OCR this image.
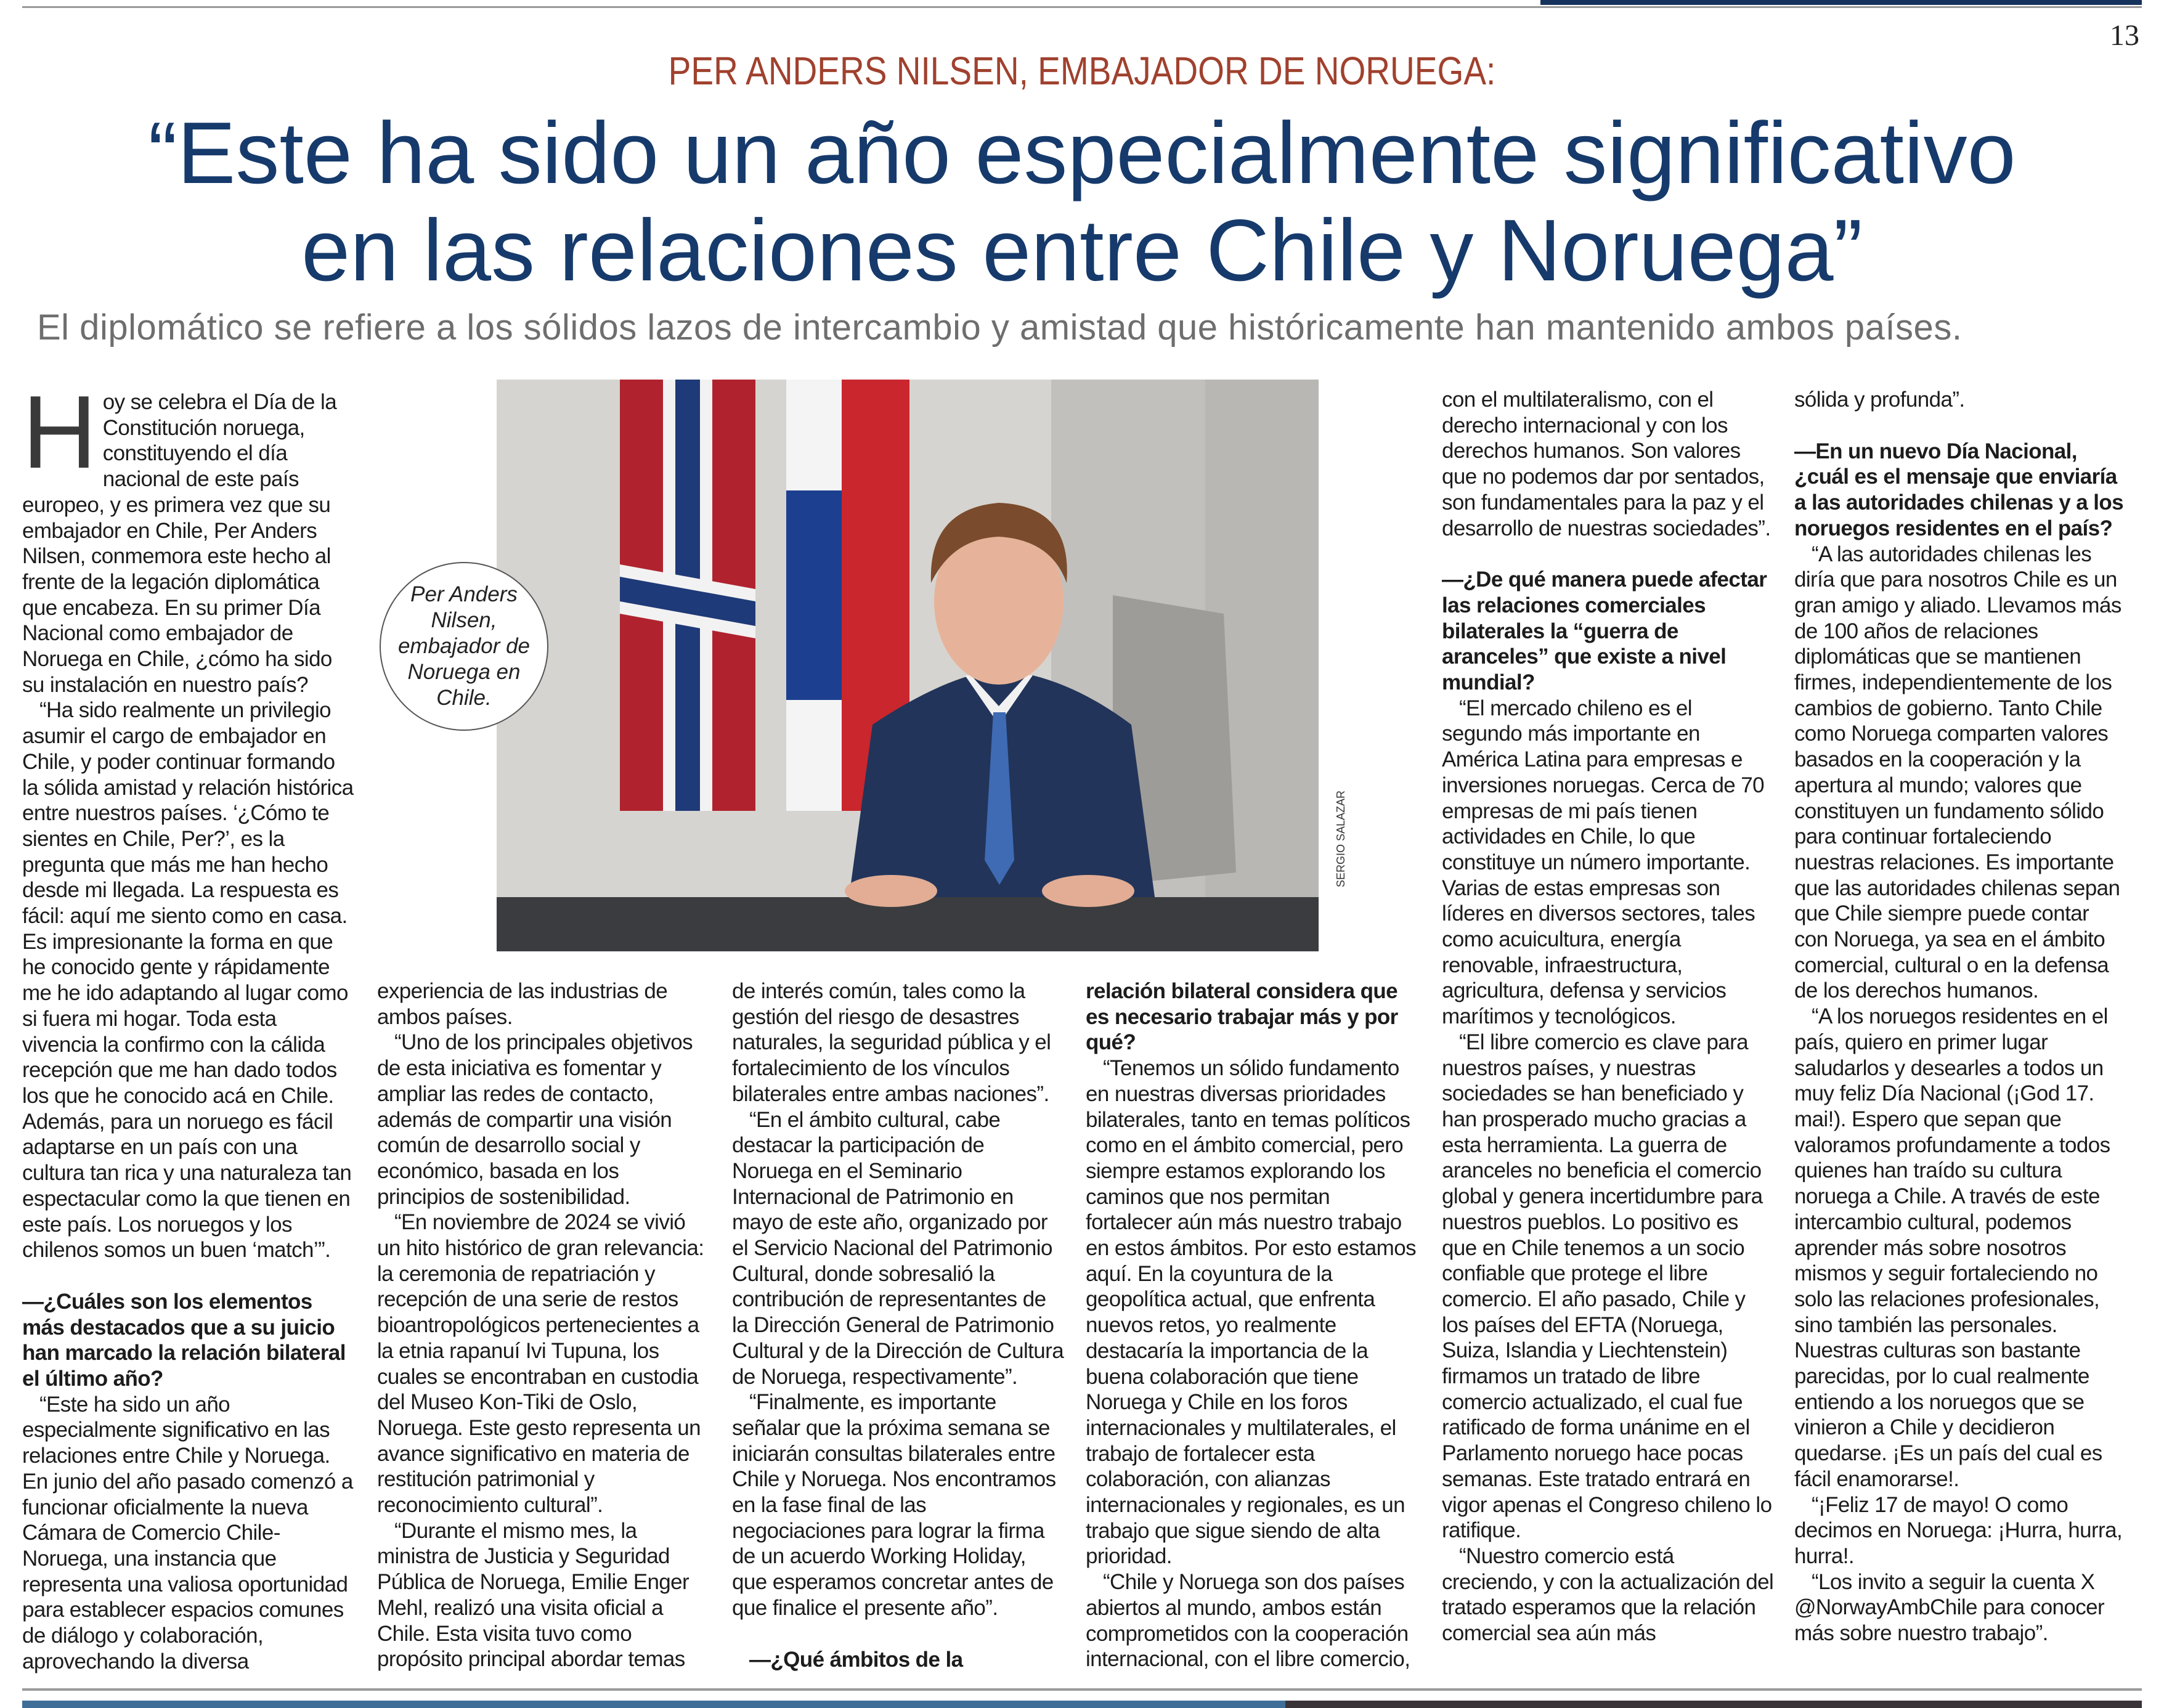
13
PER ANDERS NILSEN, EMBAJADOR DE NORUEGA:
“Este ha sido un año especialmente significativo
en las relaciones entre Chile y Noruega”
El diplomático se refiere a los sólidos lazos de intercambio y amistad que históricamente han mantenido ambos países.
SERGIO SALAZAR
Per Anders Nilsen, embajador de Noruega en Chile.
H oy se celebra el Día de la Constitución noruega, constituyendo el día nacional de este país europeo, y es primera vez que su embajador en Chile, Per Anders Nilsen, conmemora este hecho al frente de la legación diplomática que encabeza. En su primer Día Nacional como embajador de Noruega en Chile, ¿cómo ha sido su instalación en nuestro país?

“Ha sido realmente un privilegio asumir el cargo de embajador en Chile, y poder continuar formando la sólida amistad y relación histórica entre nuestros países. ‘¿Cómo te sientes en Chile, Per?’, es la pregunta que más me han hecho desde mi llegada. La respuesta es fácil: aquí me siento como en casa. Es impresionante la forma en que he conocido gente y rápidamente me he ido adaptando al lugar como si fuera mi hogar. Toda esta vivencia la confirmo con la cálida recepción que me han dado todos los que he conocido acá en Chile. Además, para un noruego es fácil adaptarse en un país con una cultura tan rica y una naturaleza tan espectacular como la que tienen en este país. Los noruegos y los chilenos somos un buen ‘match’”.

—¿Cuáles son los elementos más destacados que a su juicio han marcado la relación bilateral el último año?

“Este ha sido un año especialmente significativo en las relaciones entre Chile y Noruega. En junio del año pasado comenzó a funcionar oficialmente la nueva Cámara de Comercio Chile-Noruega, una instancia que representa una valiosa oportunidad para establecer espacios comunes de diálogo y colaboración, aprovechando la diversa

experiencia de las industrias de ambos países.

“Uno de los principales objetivos de esta iniciativa es fomentar y ampliar las redes de contacto, además de compartir una visión común de desarrollo social y económico, basada en los principios de sostenibilidad.

“En noviembre de 2024 se vivió un hito histórico de gran relevancia: la ceremonia de repatriación y recepción de una serie de restos bioantropológicos pertenecientes a la etnia rapanuí Ivi Tupuna, los cuales se encontraban en custodia del Museo Kon-Tiki de Oslo, Noruega. Este gesto representa un avance significativo en materia de restitución patrimonial y reconocimiento cultural”.

“Durante el mismo mes, la ministra de Justicia y Seguridad Pública de Noruega, Emilie Enger Mehl, realizó una visita oficial a Chile. Esta visita tuvo como propósito principal abordar temas

de interés común, tales como la gestión del riesgo de desastres naturales, la seguridad pública y el fortalecimiento de los vínculos bilaterales entre ambas naciones”.

“En el ámbito cultural, cabe destacar la participación de Noruega en el Seminario Internacional de Patrimonio en mayo de este año, organizado por el Servicio Nacional del Patrimonio Cultural, donde sobresalió la contribución de representantes de la Dirección General de Patrimonio Cultural y de la Dirección de Cultura de Noruega, respectivamente”.

“Finalmente, es importante señalar que la próxima semana se iniciarán consultas bilaterales entre Chile y Noruega. Nos encontramos en la fase final de las negociaciones para lograr la firma de un acuerdo Working Holiday, que esperamos concretar antes de que finalice el presente año”.

—¿Qué ámbitos de la

relación bilateral considera que es necesario trabajar más y por qué?

“Tenemos un sólido fundamento en nuestras diversas prioridades bilaterales, tanto en temas políticos como en el ámbito comercial, pero siempre estamos explorando los caminos que nos permitan fortalecer aún más nuestro trabajo en estos ámbitos. Por esto estamos aquí. En la coyuntura de la geopolítica actual, que enfrenta nuevos retos, yo realmente destacaría la importancia de la buena colaboración que tiene Noruega y Chile en los foros internacionales y multilaterales, el trabajo de fortalecer esta colaboración, con alianzas internacionales y regionales, es un trabajo que sigue siendo de alta prioridad.

“Chile y Noruega son dos países abiertos al mundo, ambos están comprometidos con la cooperación internacional, con el libre comercio,

con el multilateralismo, con el derecho internacional y con los derechos humanos. Son valores que no podemos dar por sentados, son fundamentales para la paz y el desarrollo de nuestras sociedades”.

—¿De qué manera puede afectar las relaciones comerciales bilaterales la “guerra de aranceles” que existe a nivel mundial?

“El mercado chileno es el segundo más importante en América Latina para empresas e inversiones noruegas. Cerca de 70 empresas de mi país tienen actividades en Chile, lo que constituye un número importante. Varias de estas empresas son líderes en diversos sectores, tales como acuicultura, energía renovable, infraestructura, agricultura, defensa y servicios marítimos y tecnológicos.

“El libre comercio es clave para nuestros países, y nuestras sociedades se han beneficiado y han prosperado mucho gracias a esta herramienta. La guerra de aranceles no beneficia el comercio global y genera incertidumbre para nuestros pueblos. Lo positivo es que en Chile tenemos a un socio confiable que protege el libre comercio. El año pasado, Chile y los países del EFTA (Noruega, Suiza, Islandia y Liechtenstein) firmamos un tratado de libre comercio actualizado, el cual fue ratificado de forma unánime en el Parlamento noruego hace pocas semanas. Este tratado entrará en vigor apenas el Congreso chileno lo ratifique.

“Nuestro comercio está creciendo, y con la actualización del tratado esperamos que la relación comercial sea aún más

sólida y profunda”.

—En un nuevo Día Nacional, ¿cuál es el mensaje que enviaría a las autoridades chilenas y a los noruegos residentes en el país?

“A las autoridades chilenas les diría que para nosotros Chile es un gran amigo y aliado. Llevamos más de 100 años de relaciones diplomáticas que se mantienen firmes, independientemente de los cambios de gobierno. Tanto Chile como Noruega comparten valores basados en la cooperación y la apertura al mundo; valores que constituyen un fundamento sólido para continuar fortaleciendo nuestras relaciones. Es importante que las autoridades chilenas sepan que Chile siempre puede contar con Noruega, ya sea en el ámbito comercial, cultural o en la defensa de los derechos humanos.

“A los noruegos residentes en el país, quiero en primer lugar saludarlos y desearles a todos un muy feliz Día Nacional (¡God 17. mai!). Espero que sepan que valoramos profundamente a todos quienes han traído su cultura noruega a Chile. A través de este intercambio cultural, podemos aprender más sobre nosotros mismos y seguir fortaleciendo no solo las relaciones profesionales, sino también las personales. Nuestras culturas son bastante parecidas, por lo cual realmente entiendo a los noruegos que se vinieron a Chile y decidieron quedarse. ¡Es un país del cual es fácil enamorarse!.

“¡Feliz 17 de mayo! O como decimos en Noruega: ¡Hurra, hurra, hurra!.

“Los invito a seguir la cuenta X @NorwayAmbChile para conocer más sobre nuestro trabajo”.
